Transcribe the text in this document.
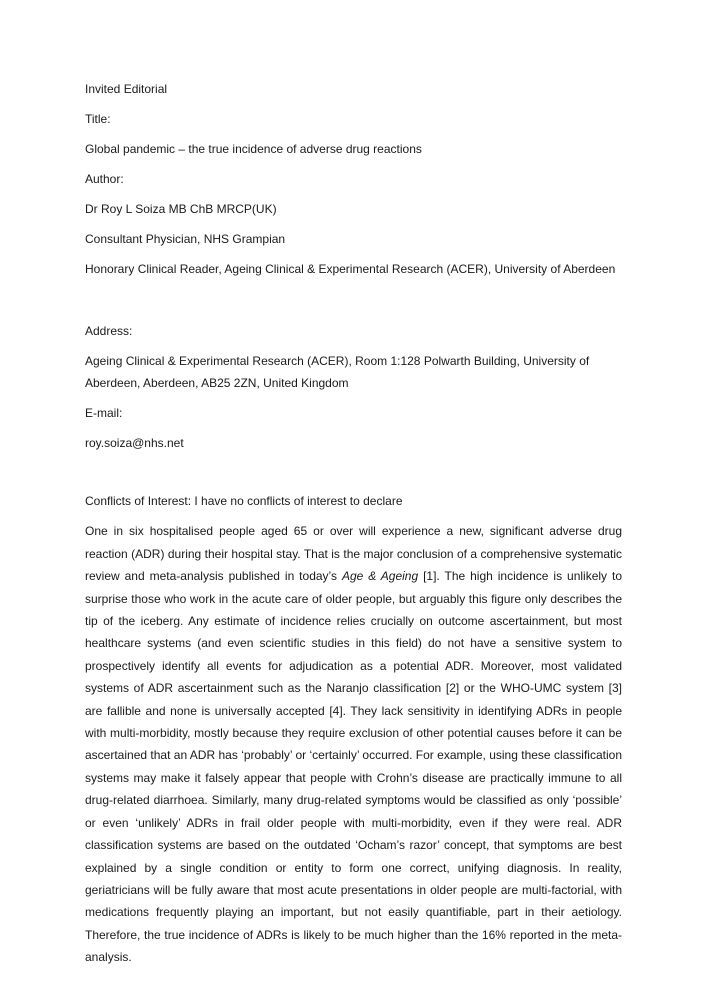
Invited Editorial

Title:

Global pandemic – the true incidence of adverse drug reactions

Author:

Dr Roy L Soiza MB ChB MRCP(UK)

Consultant Physician, NHS Grampian

Honorary Clinical Reader, Ageing Clinical & Experimental Research (ACER), University of Aberdeen

Address:

Ageing Clinical & Experimental Research (ACER), Room 1:128 Polwarth Building, University of Aberdeen, Aberdeen, AB25 2ZN, United Kingdom

E-mail:

roy.soiza@nhs.net

Conflicts of Interest: I have no conflicts of interest to declare

One in six hospitalised people aged 65 or over will experience a new, significant adverse drug reaction (ADR) during their hospital stay. That is the major conclusion of a comprehensive systematic review and meta-analysis published in today’s Age & Ageing [1]. The high incidence is unlikely to surprise those who work in the acute care of older people, but arguably this figure only describes the tip of the iceberg. Any estimate of incidence relies crucially on outcome ascertainment, but most healthcare systems (and even scientific studies in this field) do not have a sensitive system to prospectively identify all events for adjudication as a potential ADR. Moreover, most validated systems of ADR ascertainment such as the Naranjo classification [2] or the WHO-UMC system [3] are fallible and none is universally accepted [4]. They lack sensitivity in identifying ADRs in people with multi-morbidity, mostly because they require exclusion of other potential causes before it can be ascertained that an ADR has ‘probably’ or ‘certainly’ occurred. For example, using these classification systems may make it falsely appear that people with Crohn’s disease are practically immune to all drug-related diarrhoea. Similarly, many drug-related symptoms would be classified as only ‘possible’ or even ‘unlikely’ ADRs in frail older people with multi-morbidity, even if they were real. ADR classification systems are based on the outdated ‘Ocham’s razor’ concept, that symptoms are best explained by a single condition or entity to form one correct, unifying diagnosis. In reality, geriatricians will be fully aware that most acute presentations in older people are multi-factorial, with medications frequently playing an important, but not easily quantifiable, part in their aetiology. Therefore, the true incidence of ADRs is likely to be much higher than the 16% reported in the meta-analysis.
